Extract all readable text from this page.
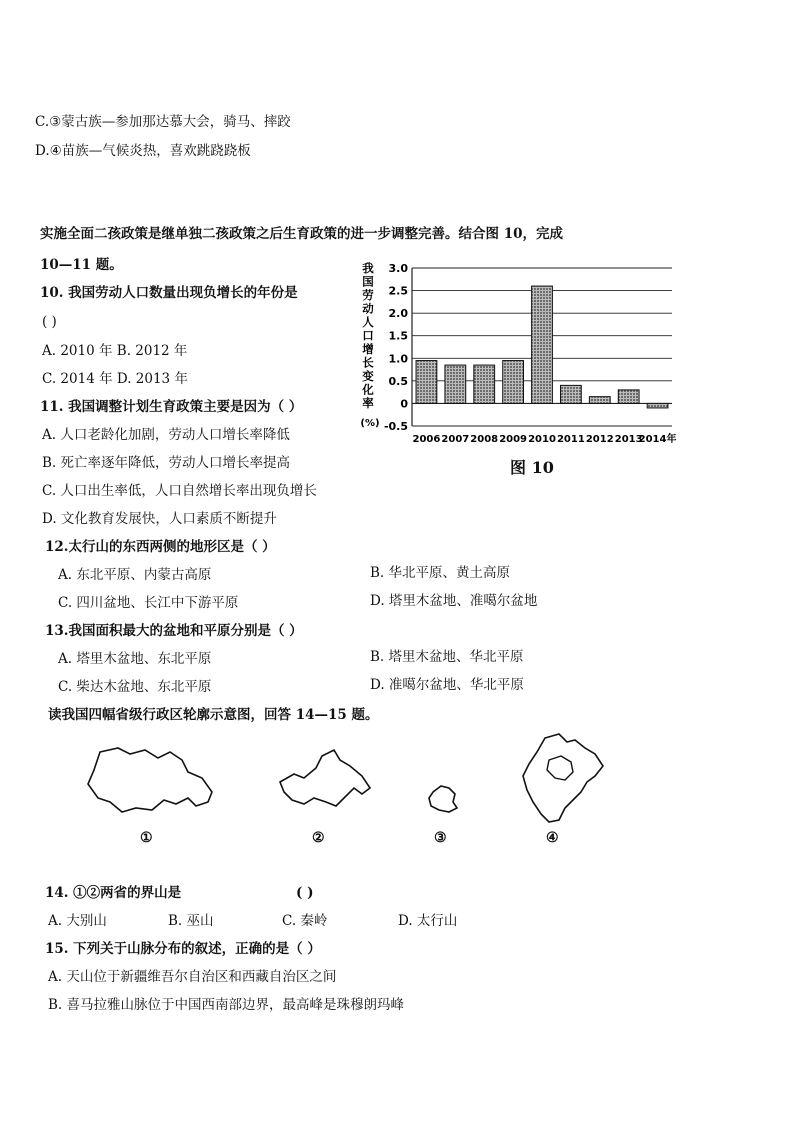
C.③蒙古族—参加那达慕大会，骑马、摔跤
D.④苗族—气候炎热，喜欢跳跷跷板
实施全面二孩政策是继单独二孩政策之后生育政策的进一步调整完善。结合图 10，完成
10—11 题。
10. 我国劳动人口数量出现负增长的年份是
( )
A. 2010 年 B. 2012 年
C. 2014 年 D. 2013 年
11. 我国调整计划生育政策主要是因为（ ）
A. 人口老龄化加剧，劳动人口增长率降低
B. 死亡率逐年降低，劳动人口增长率提高
C. 人口出生率低，人口自然增长率出现负增长
D. 文化教育发展快，人口素质不断提升
12.太行山的东西两侧的地形区是（ ）
A. 东北平原、内蒙古高原	B. 华北平原、黄土高原
C. 四川盆地、长江中下游平原	D. 塔里木盆地、准噶尔盆地
13.我国面积最大的盆地和平原分别是（ ）
A. 塔里木盆地、东北平原	B. 塔里木盆地、华北平原
C. 柴达木盆地、东北平原	D. 准噶尔盆地、华北平原
读我国四幅省级行政区轮廓示意图，回答 14—15 题。
①	②	③	④
14. ①②两省的界山是	( )
A. 大别山	B. 巫山	C. 秦岭	D. 太行山
15. 下列关于山脉分布的叙述，正确的是（ ）
A. 天山位于新疆维吾尔自治区和西藏自治区之间
B. 喜马拉雅山脉位于中国西南部边界，最高峰是珠穆朗玛峰
我
国
劳
动
人
口
增
长
变
化
率
(%)
3.0
2.5
2.0
1.5
1.0
0.5
0
-0.5
2006 2007 2008 2009 2010 2011 2012 2013
2014年
图 10
